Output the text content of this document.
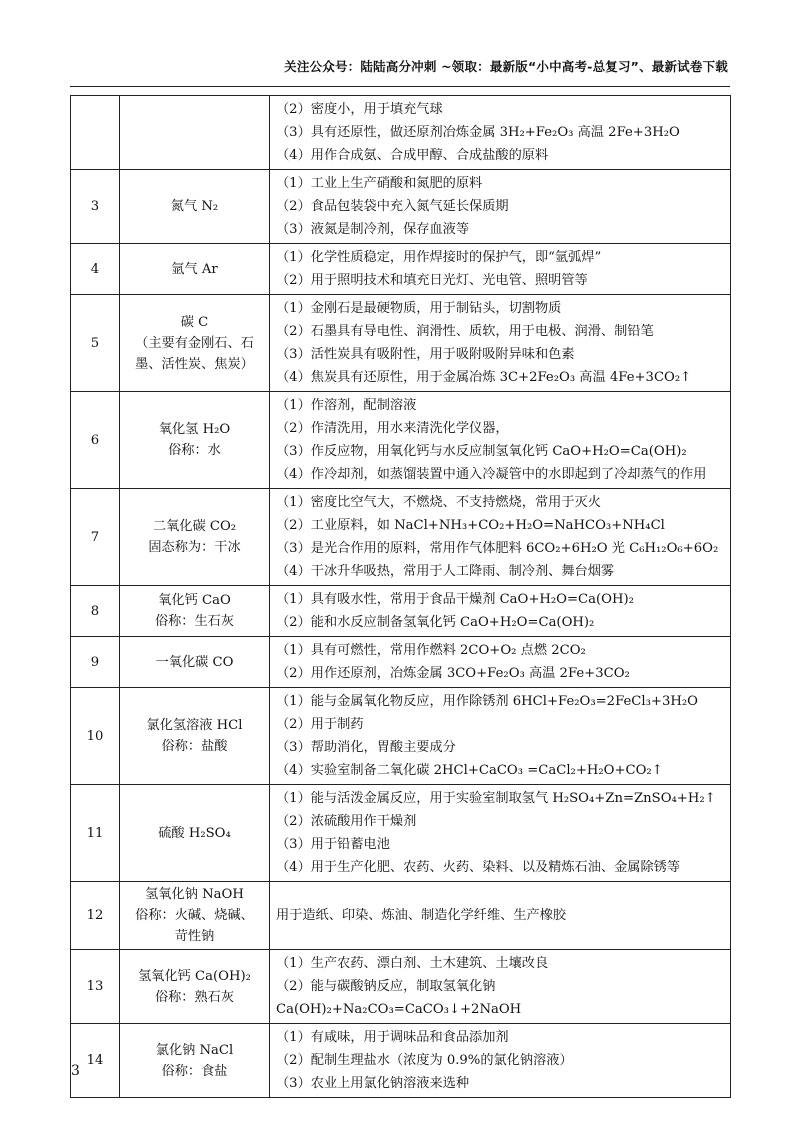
关注公众号：陆陆高分冲刺 ~领取：最新版“小中高考-总复习”、最新试卷下载

		（2）密度小，用于填充气球
（3）具有还原性，做还原剂冶炼金属 3H₂+Fe₂O₃ 高温 2Fe+3H₂O
（4）用作合成氨、合成甲醇、合成盐酸的原料

3	氮气 N₂	（1）工业上生产硝酸和氮肥的原料
（2）食品包装袋中充入氮气延长保质期
（3）液氮是制冷剂，保存血液等

4	氩气 Ar	（1）化学性质稳定，用作焊接时的保护气，即“氩弧焊”
（2）用于照明技术和填充日光灯、光电管、照明管等

5	碳 C
（主要有金刚石、石
墨、活性炭、焦炭）	（1）金刚石是最硬物质，用于制钻头，切割物质
（2）石墨具有导电性、润滑性、质软，用于电极、润滑、制铅笔
（3）活性炭具有吸附性，用于吸附吸附异味和色素
（4）焦炭具有还原性，用于金属冶炼 3C+2Fe₂O₃ 高温 4Fe+3CO₂↑

6	氧化氢 H₂O
俗称：水	（1）作溶剂，配制溶液
（2）作清洗用，用水来清洗化学仪器，
（3）作反应物，用氧化钙与水反应制氢氧化钙 CaO+H₂O=Ca(OH)₂
（4）作冷却剂，如蒸馏装置中通入冷凝管中的水即起到了冷却蒸气的作用

7	二氧化碳 CO₂
固态称为：干冰	（1）密度比空气大，不燃烧、不支持燃烧，常用于灭火
（2）工业原料，如 NaCl+NH₃+CO₂+H₂O=NaHCO₃+NH₄Cl
（3）是光合作用的原料，常用作气体肥料 6CO₂+6H₂O 光 C₆H₁₂O₆+6O₂
（4）干冰升华吸热，常用于人工降雨、制冷剂、舞台烟雾

8	氧化钙 CaO
俗称：生石灰	（1）具有吸水性，常用于食品干燥剂 CaO+H₂O=Ca(OH)₂
（2）能和水反应制备氢氧化钙 CaO+H₂O=Ca(OH)₂

9	一氧化碳 CO	（1）具有可燃性，常用作燃料 2CO+O₂ 点燃 2CO₂
（2）用作还原剂，冶炼金属 3CO+Fe₂O₃ 高温 2Fe+3CO₂

10	氯化氢溶液 HCl
俗称：盐酸	（1）能与金属氧化物反应，用作除锈剂 6HCl+Fe₂O₃=2FeCl₃+3H₂O
（2）用于制药
（3）帮助消化，胃酸主要成分
（4）实验室制备二氧化碳 2HCl+CaCO₃ =CaCl₂+H₂O+CO₂↑

11	硫酸 H₂SO₄	（1）能与活泼金属反应，用于实验室制取氢气 H₂SO₄+Zn=ZnSO₄+H₂↑
（2）浓硫酸用作干燥剂
（3）用于铅蓄电池
（4）用于生产化肥、农药、火药、染料、以及精炼石油、金属除锈等

12	氢氧化钠 NaOH
俗称：火碱、烧碱、
苛性钠	用于造纸、印染、炼油、制造化学纤维、生产橡胶

13	氢氧化钙 Ca(OH)₂
俗称：熟石灰	（1）生产农药、漂白剂、土木建筑、土壤改良
（2）能与碳酸钠反应，制取氢氧化钠 Ca(OH)₂+Na₂CO₃=CaCO₃↓+2NaOH

14	氯化钠 NaCl
俗称：食盐	（1）有咸味，用于调味品和食品添加剂
（2）配制生理盐水（浓度为 0.9%的氯化钠溶液）
（3）农业上用氯化钠溶液来选种
3
